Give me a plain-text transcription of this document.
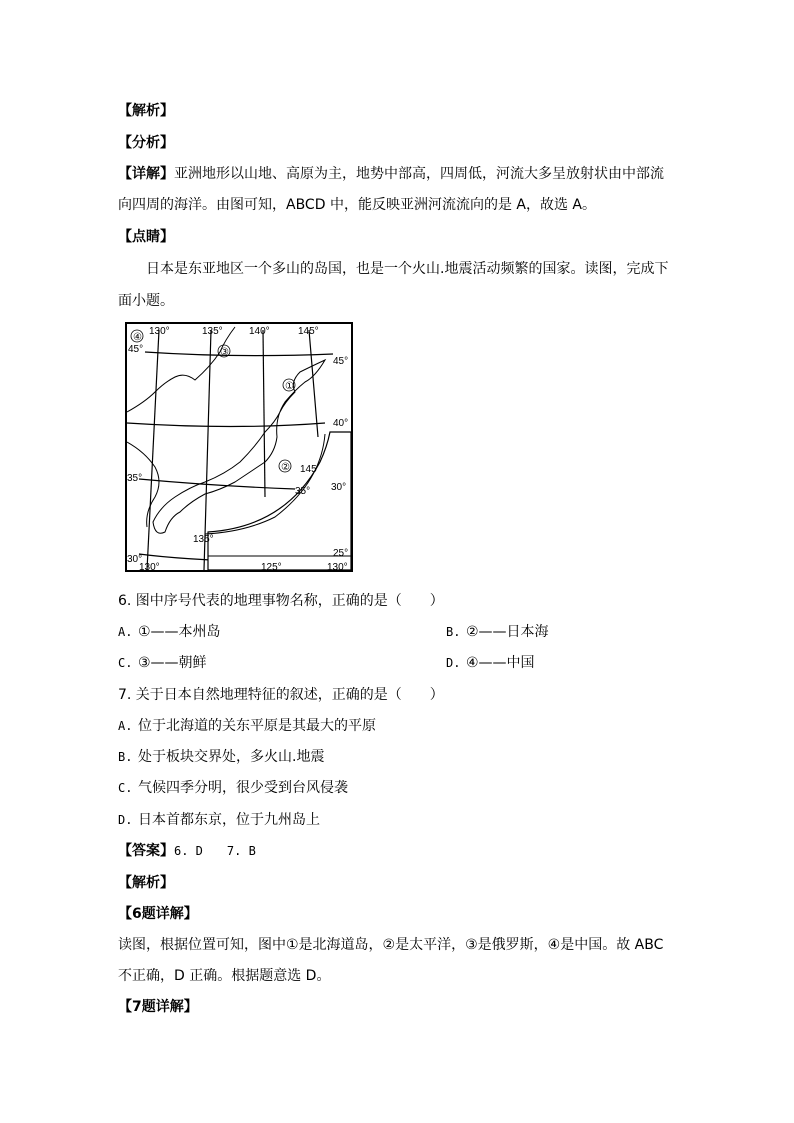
【解析】
【分析】
【详解】亚洲地形以山地、高原为主，地势中部高，四周低，河流大多呈放射状由中部流
向四周的海洋。由图可知，ABCD 中，能反映亚洲河流流向的是 A，故选 A。
【点睛】
日本是东亚地区一个多山的岛国，也是一个火山.地震活动频繁的国家。读图，完成下
面小题。
④
③
①
②
130°	135°	140°	145°
45°
45°
40°
35°
35°
135°
30°
130°
145
30°
25°
125°	130°
6. 图中序号代表的地理事物名称，正确的是（　　）
A. ①——本州岛	B. ②——日本海
C. ③——朝鲜	D. ④——中国
7. 关于日本自然地理特征的叙述，正确的是（　　）
A. 位于北海道的关东平原是其最大的平原
B. 处于板块交界处，多火山.地震
C. 气候四季分明，很少受到台风侵袭
D. 日本首都东京，位于九州岛上
【答案】6. D　　7. B
【解析】
【6题详解】
读图，根据位置可知，图中①是北海道岛，②是太平洋，③是俄罗斯，④是中国。故 ABC
不正确，D 正确。根据题意选 D。
【7题详解】
